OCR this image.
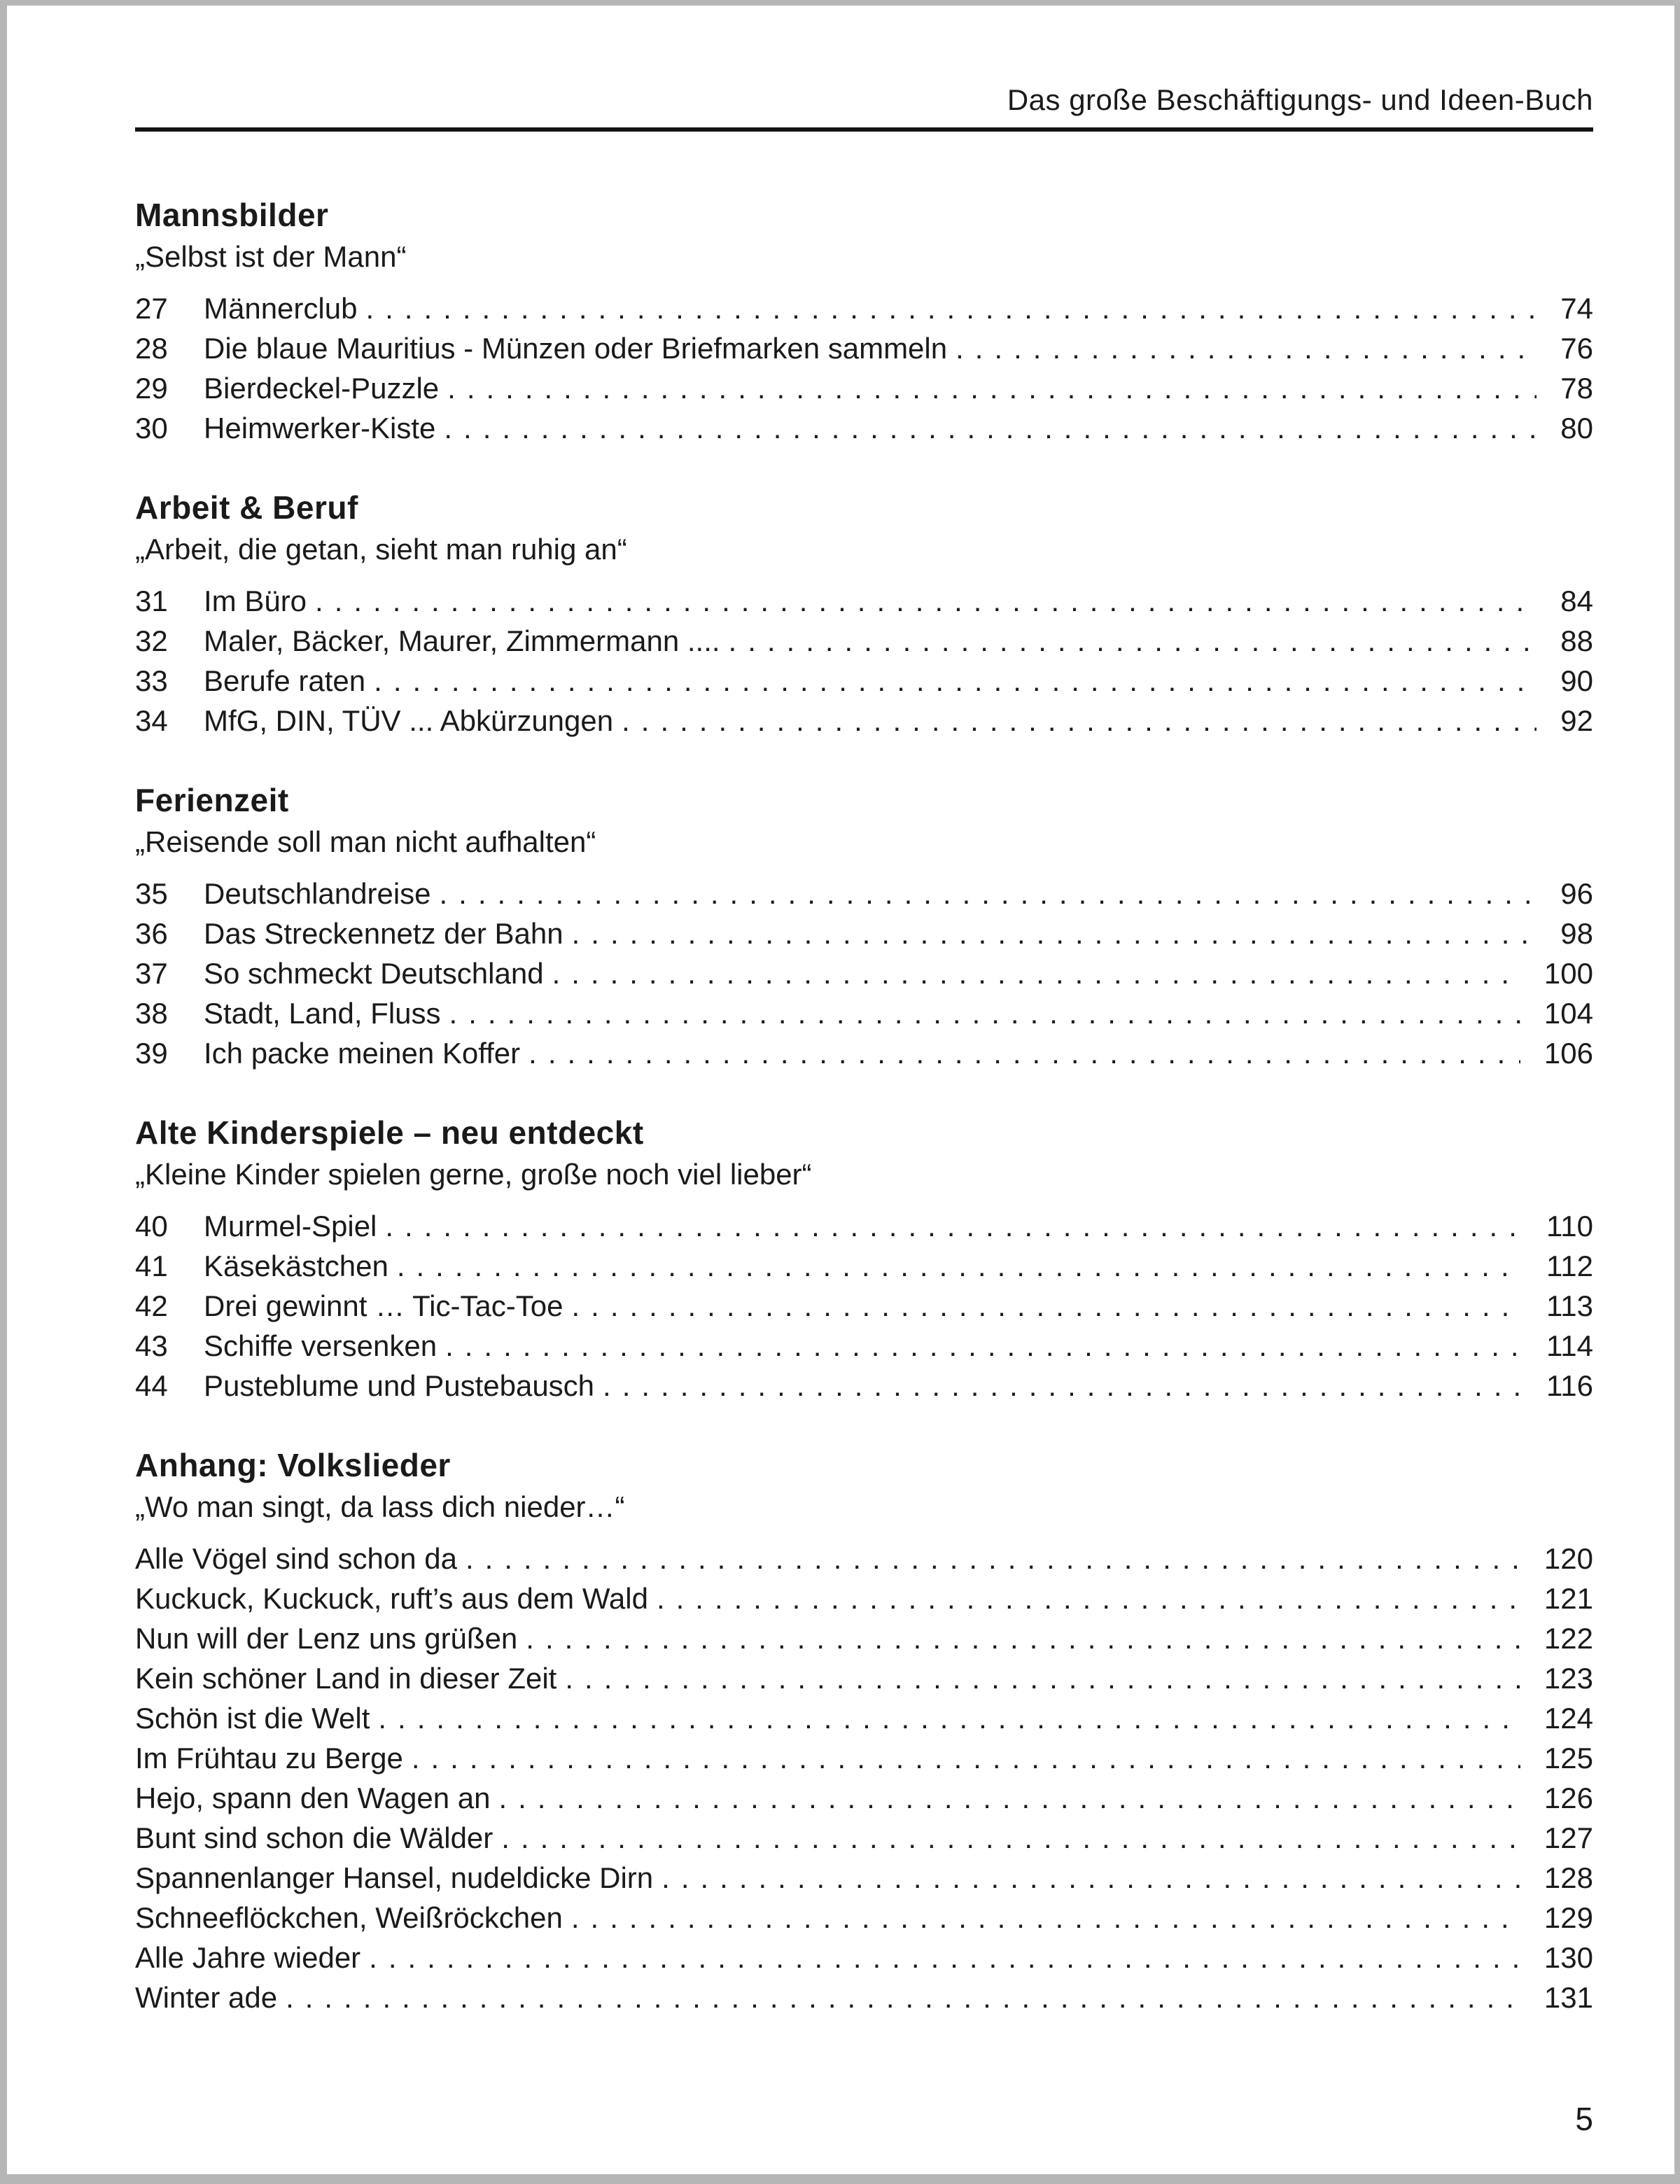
Das große Beschäftigungs- und Ideen-Buch
Mannsbilder
„Selbst ist der Mann“
27	Männerclub .....	74
28	Die blaue Mauritius - Münzen oder Briefmarken sammeln .....	76
29	Bierdeckel-Puzzle .....	78
30	Heimwerker-Kiste .....	80
Arbeit & Beruf
„Arbeit, die getan, sieht man ruhig an“
31	Im Büro .....	84
32	Maler, Bäcker, Maurer, Zimmermann .... .....	88
33	Berufe raten .....	90
34	MfG, DIN, TÜV ... Abkürzungen .....	92
Ferienzeit
„Reisende soll man nicht aufhalten“
35	Deutschlandreise .....	96
36	Das Streckennetz der Bahn .....	98
37	So schmeckt Deutschland .....	100
38	Stadt, Land, Fluss .....	104
39	Ich packe meinen Koffer .....	106
Alte Kinderspiele – neu entdeckt
„Kleine Kinder spielen gerne, große noch viel lieber“
40	Murmel-Spiel .....	110
41	Käsekästchen .....	112
42	Drei gewinnt … Tic-Tac-Toe .....	113
43	Schiffe versenken .....	114
44	Pusteblume und Pustebausch .....	116
Anhang: Volkslieder
„Wo man singt, da lass dich nieder…“
Alle Vögel sind schon da .....	120
Kuckuck, Kuckuck, ruft’s aus dem Wald .....	121
Nun will der Lenz uns grüßen .....	122
Kein schöner Land in dieser Zeit .....	123
Schön ist die Welt .....	124
Im Frühtau zu Berge .....	125
Hejo, spann den Wagen an .....	126
Bunt sind schon die Wälder .....	127
Spannenlanger Hansel, nudeldicke Dirn .....	128
Schneeflöckchen, Weißröckchen .....	129
Alle Jahre wieder .....	130
Winter ade .....	131
5
